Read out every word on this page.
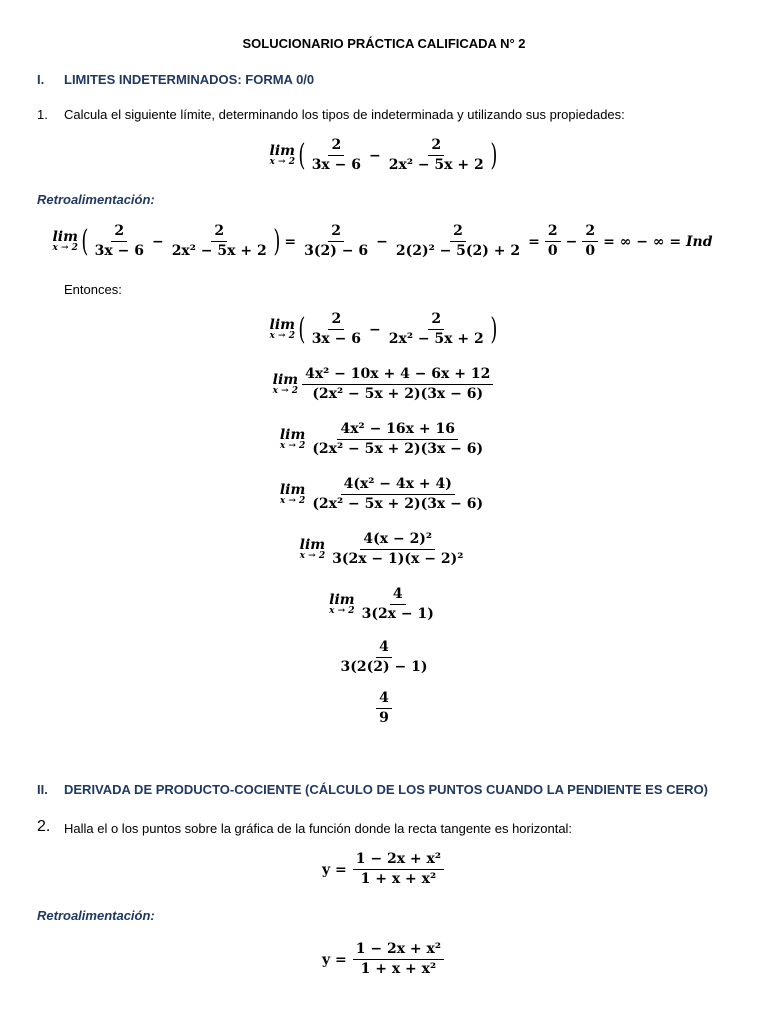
SOLUCIONARIO PRÁCTICA CALIFICADA N° 2
I. LIMITES INDETERMINADOS: FORMA 0/0
1. Calcula el siguiente límite, determinando los tipos de indeterminada y utilizando sus propiedades:
lim
x → 2 ( $\frac{2}{3x - 6} - \frac{2}{\text{2x² − 5x + 2}}$ )
Retroalimentación:
lim
x → 2 ( $\frac{2}{3x - 6} - \frac{2}{\text{2x² − 5x + 2}}$ ) = $\frac{2}{3(2) - 6} - \frac{2}{\text{2(2)² − 5(2) + 2}} = \frac{2}{0} - \frac{2}{0}$ = ∞ − ∞ = Ind
Entonces:
lim
x → 2 ( $\frac{2}{3x - 6} - \frac{2}{\text{2x² − 5x + 2}}$ )
lim
$x \to 2 \frac{\text{4x² − 10x + 4 − 6x + 12}}{\text{(2x² − 5x + 2)(3x − 6)}}$
lim
$x \to 2 \frac{\text{4x² − 16x + 16}}{\text{(2x² − 5x + 2)(3x − 6)}}$
lim
$x \to 2 \frac{\text{4(x² − 4x + 4)}}{\text{(2x² − 5x + 2)(3x − 6)}}$
lim
$x \to 2 \frac{\text{4(x − 2)²}}{\text{3(2x − 1)(x − 2)²}}$
lim
$x \to 2 \frac{4}{3(2x - 1)}$
$\frac{4}{3(2(2) - 1)}$
$\frac{4}{9}$
II. DERIVADA DE PRODUCTO-COCIENTE (CÁLCULO DE LOS PUNTOS CUANDO LA PENDIENTE ES CERO)
2. Halla el o los puntos sobre la gráfica de la función donde la recta tangente es horizontal:
$y = \frac{\text{1 − 2x + x²}}{\text{1 + x + x²}}$
Retroalimentación:
$y = \frac{\text{1 − 2x + x²}}{\text{1 + x + x²}}$
